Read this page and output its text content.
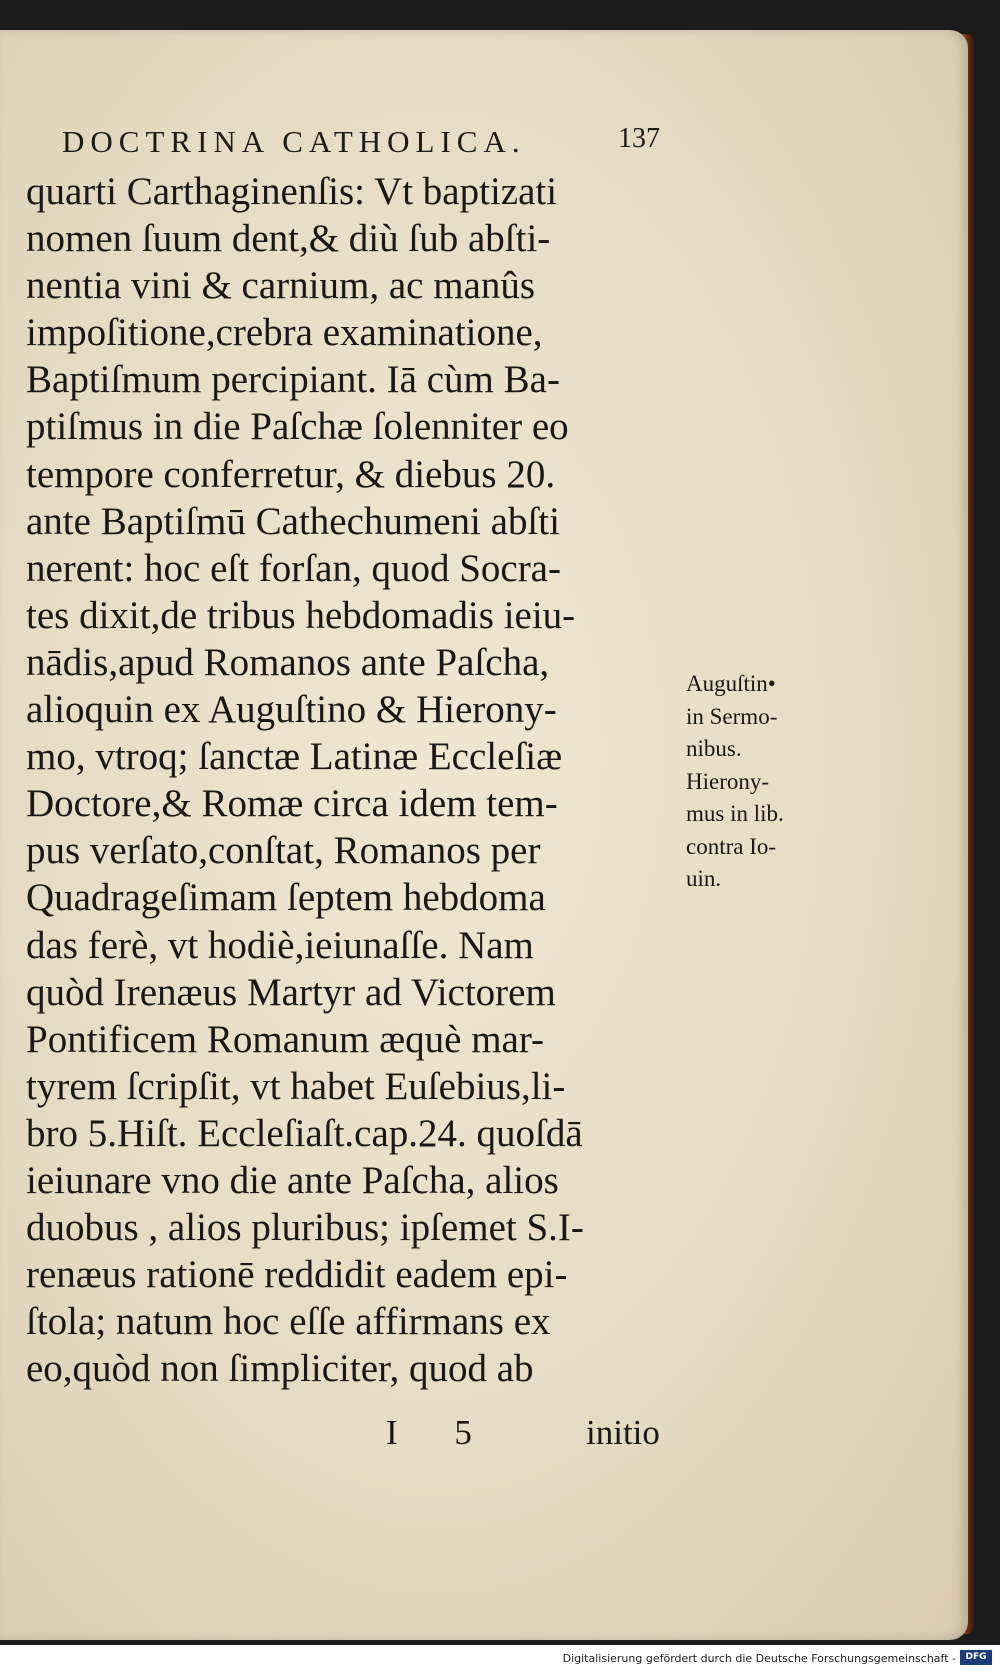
DOCTRINA CATHOLICA.	137
quarti Carthaginenſis: Vt baptizati
nomen ſuum dent,& diù ſub abſti-
nentia vini & carnium, ac manûs
impoſitione,crebra examinatione,
Baptiſmum percipiant. Iā cùm Ba-
ptiſmus in die Paſchæ ſolenniter eo
tempore conferretur, & diebus 20.
ante Baptiſmū Cathechumeni abſti
nerent: hoc eſt forſan, quod Socra-
tes dixit,de tribus hebdomadis ieiu-
nādis,apud Romanos ante Paſcha,
alioquin ex Auguſtino & Hierony-
mo, vtroq; ſanctæ Latinæ Eccleſiæ
Doctore,& Romæ circa idem tem-
pus verſato,conſtat, Romanos per
Quadrageſimam ſeptem hebdoma
das ferè, vt hodiè,ieiunaſſe. Nam
quòd Irenæus Martyr ad Victorem
Pontificem Romanum æquè mar-
tyrem ſcripſit, vt habet Euſebius,li-
bro 5.Hiſt. Eccleſiaſt.cap.24. quoſdā
ieiunare vno die ante Paſcha, alios
duobus , alios pluribus; ipſemet S.I-
renæus rationē reddidit eadem epi-
ſtola; natum hoc eſſe affirmans ex
eo,quòd non ſimpliciter, quod ab
Auguſtin•
in Sermo-
nibus.
Hierony-
mus in lib.
contra Io-
uin.
I 5	initio
Digitalisierung gefördert durch die Deutsche Forschungsgemeinschaft -	DFG
